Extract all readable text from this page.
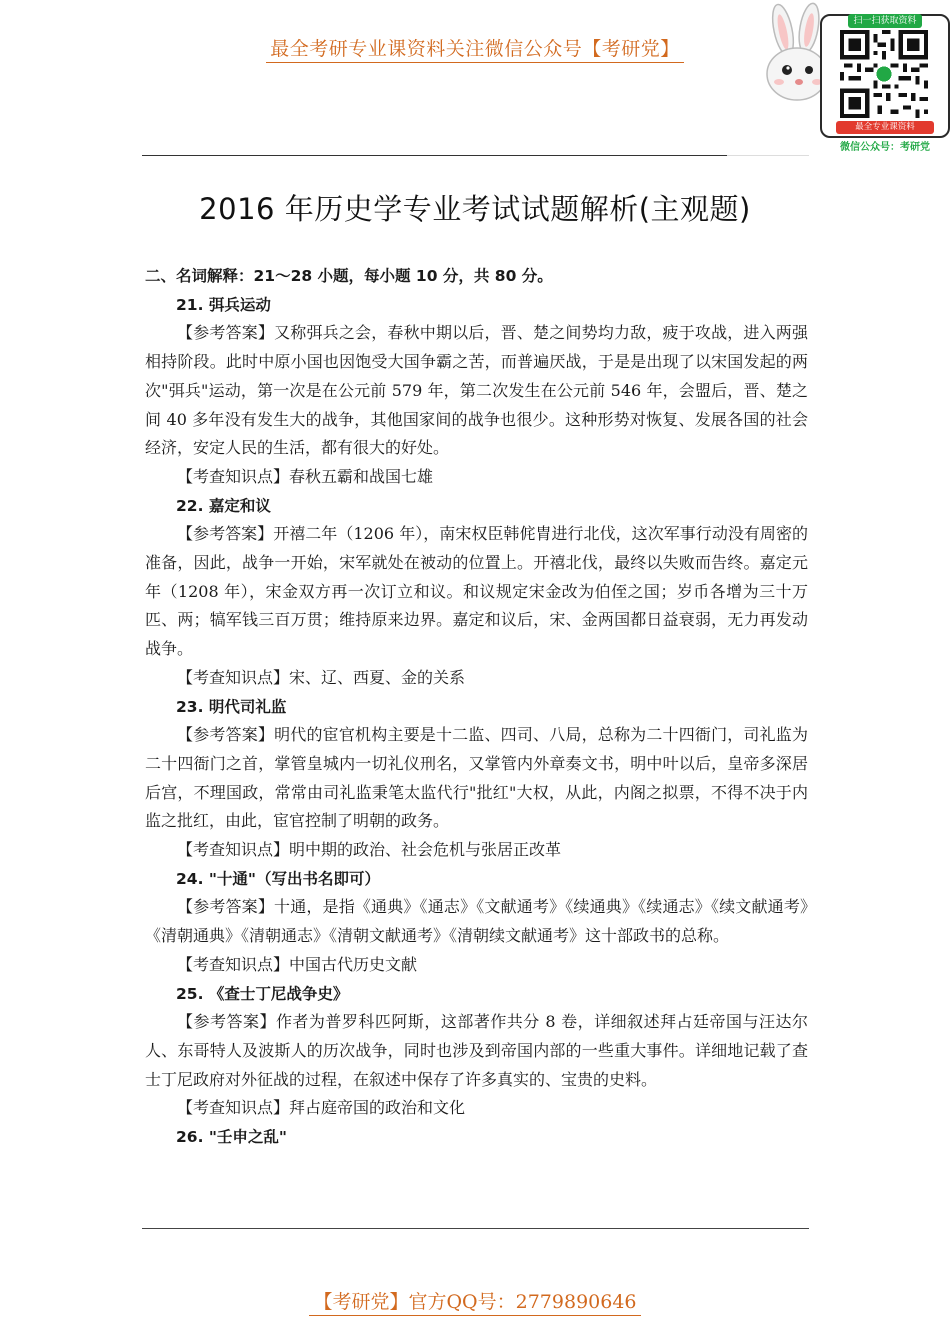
最全考研专业课资料关注微信公众号【考研党】
扫一扫获取资料
最全专业课资料
微信公众号：考研党
2016 年历史学专业考试试题解析(主观题)

二、名词解释：21～28 小题，每小题 10 分，共 80 分。

21. 弭兵运动

【参考答案】又称弭兵之会，春秋中期以后，晋、楚之间势均力敌，疲于攻战，进入两强相持阶段。此时中原小国也因饱受大国争霸之苦，而普遍厌战，于是是出现了以宋国发起的两次"弭兵"运动，第一次是在公元前 579 年，第二次发生在公元前 546 年，会盟后，晋、楚之间 40 多年没有发生大的战争，其他国家间的战争也很少。这种形势对恢复、发展各国的社会经济，安定人民的生活，都有很大的好处。

【考查知识点】春秋五霸和战国七雄

22. 嘉定和议

【参考答案】开禧二年（1206 年），南宋权臣韩侂胄进行北伐，这次军事行动没有周密的准备，因此，战争一开始，宋军就处在被动的位置上。开禧北伐，最终以失败而告终。嘉定元年（1208 年），宋金双方再一次订立和议。和议规定宋金改为伯侄之国；岁币各增为三十万匹、两；犒军钱三百万贯；维持原来边界。嘉定和议后，宋、金两国都日益衰弱，无力再发动战争。

【考查知识点】宋、辽、西夏、金的关系

23. 明代司礼监

【参考答案】明代的宦官机构主要是十二监、四司、八局，总称为二十四衙门，司礼监为二十四衙门之首，掌管皇城内一切礼仪刑名，又掌管内外章奏文书，明中叶以后，皇帝多深居后宫，不理国政，常常由司礼监秉笔太监代行"批红"大权，从此，内阁之拟票，不得不决于内监之批红，由此，宦官控制了明朝的政务。

【考查知识点】明中期的政治、社会危机与张居正改革

24. "十通"（写出书名即可）

【参考答案】十通，是指《通典》《通志》《文献通考》《续通典》《续通志》《续文献通考》《清朝通典》《清朝通志》《清朝文献通考》《清朝续文献通考》这十部政书的总称。

【考查知识点】中国古代历史文献

25. 《查士丁尼战争史》

【参考答案】作者为普罗科匹阿斯，这部著作共分 8 卷，详细叙述拜占廷帝国与汪达尔人、东哥特人及波斯人的历次战争，同时也涉及到帝国内部的一些重大事件。详细地记载了查士丁尼政府对外征战的过程，在叙述中保存了许多真实的、宝贵的史料。

【考查知识点】拜占庭帝国的政治和文化

26. "壬申之乱"

【考研党】官方QQ号：2779890646
